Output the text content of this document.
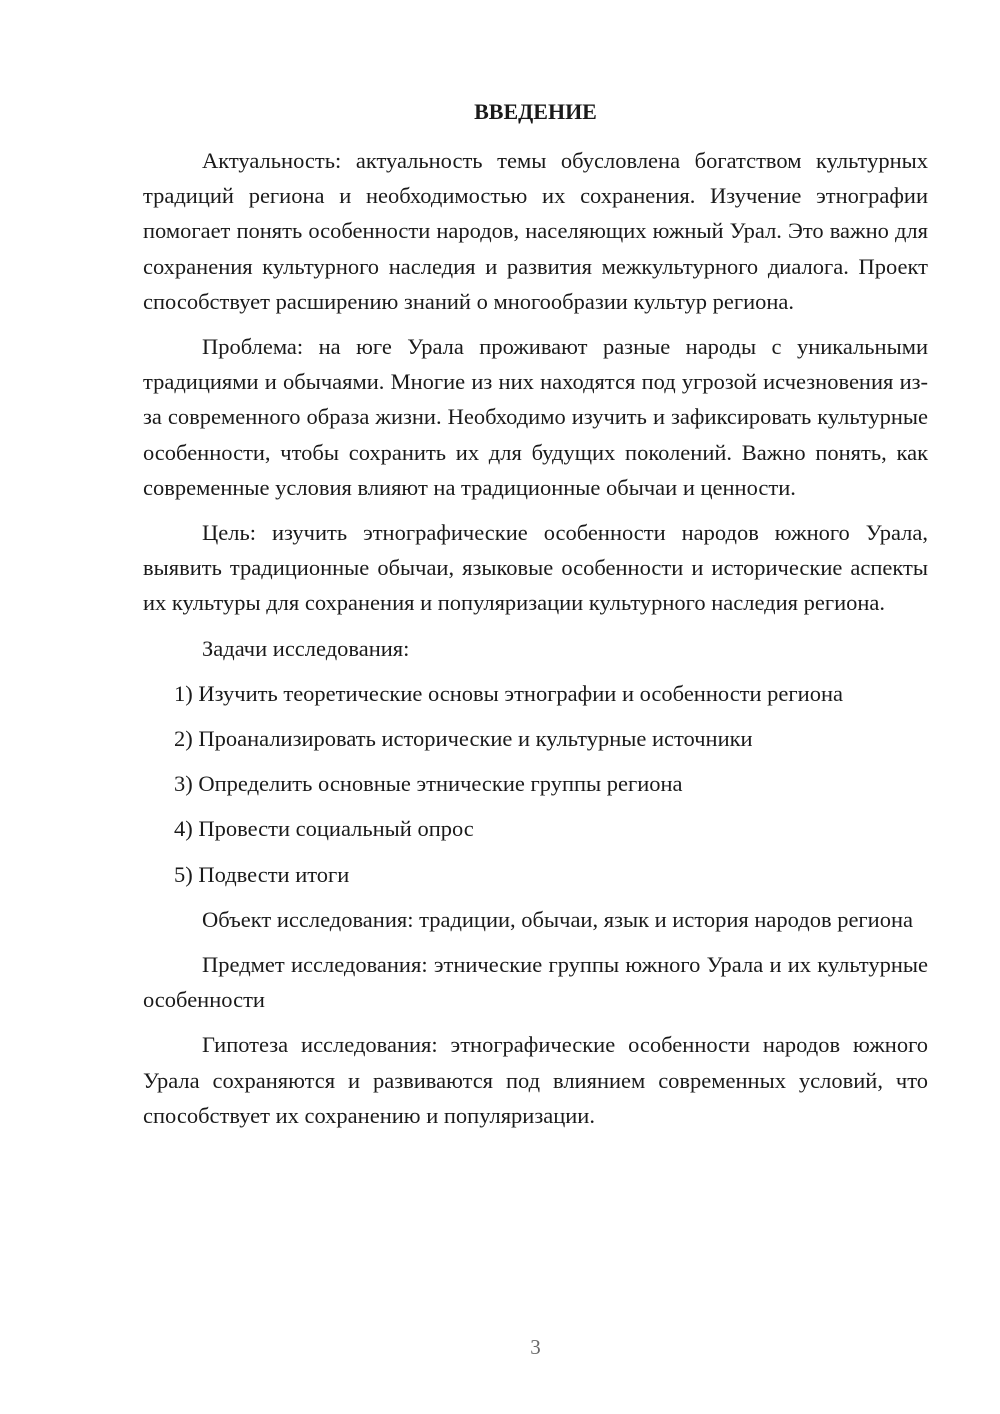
ВВЕДЕНИЕ

Актуальность: актуальность темы обусловлена богатством культурных традиций региона и необходимостью их сохранения. Изучение этнографии помогает понять особенности народов, населяющих южный Урал. Это важно для сохранения культурного наследия и развития межкультурного диалога. Проект способствует расширению знаний о многообразии культур региона.

Проблема: на юге Урала проживают разные народы с уникальными традициями и обычаями. Многие из них находятся под угрозой исчезновения из-за современного образа жизни. Необходимо изучить и зафиксировать культурные особенности, чтобы сохранить их для будущих поколений. Важно понять, как современные условия влияют на традиционные обычаи и ценности.

Цель: изучить этнографические особенности народов южного Урала, выявить традиционные обычаи, языковые особенности и исторические аспекты их культуры для сохранения и популяризации культурного наследия региона.

Задачи исследования:

1) Изучить теоретические основы этнографии и особенности региона
2) Проанализировать исторические и культурные источники
3) Определить основные этнические группы региона
4) Провести социальный опрос
5) Подвести итоги

Объект исследования: традиции, обычаи, язык и история народов региона

Предмет исследования: этнические группы южного Урала и их культурные особенности

Гипотеза исследования: этнографические особенности народов южного Урала сохраняются и развиваются под влиянием современных условий, что способствует их сохранению и популяризации.

3
